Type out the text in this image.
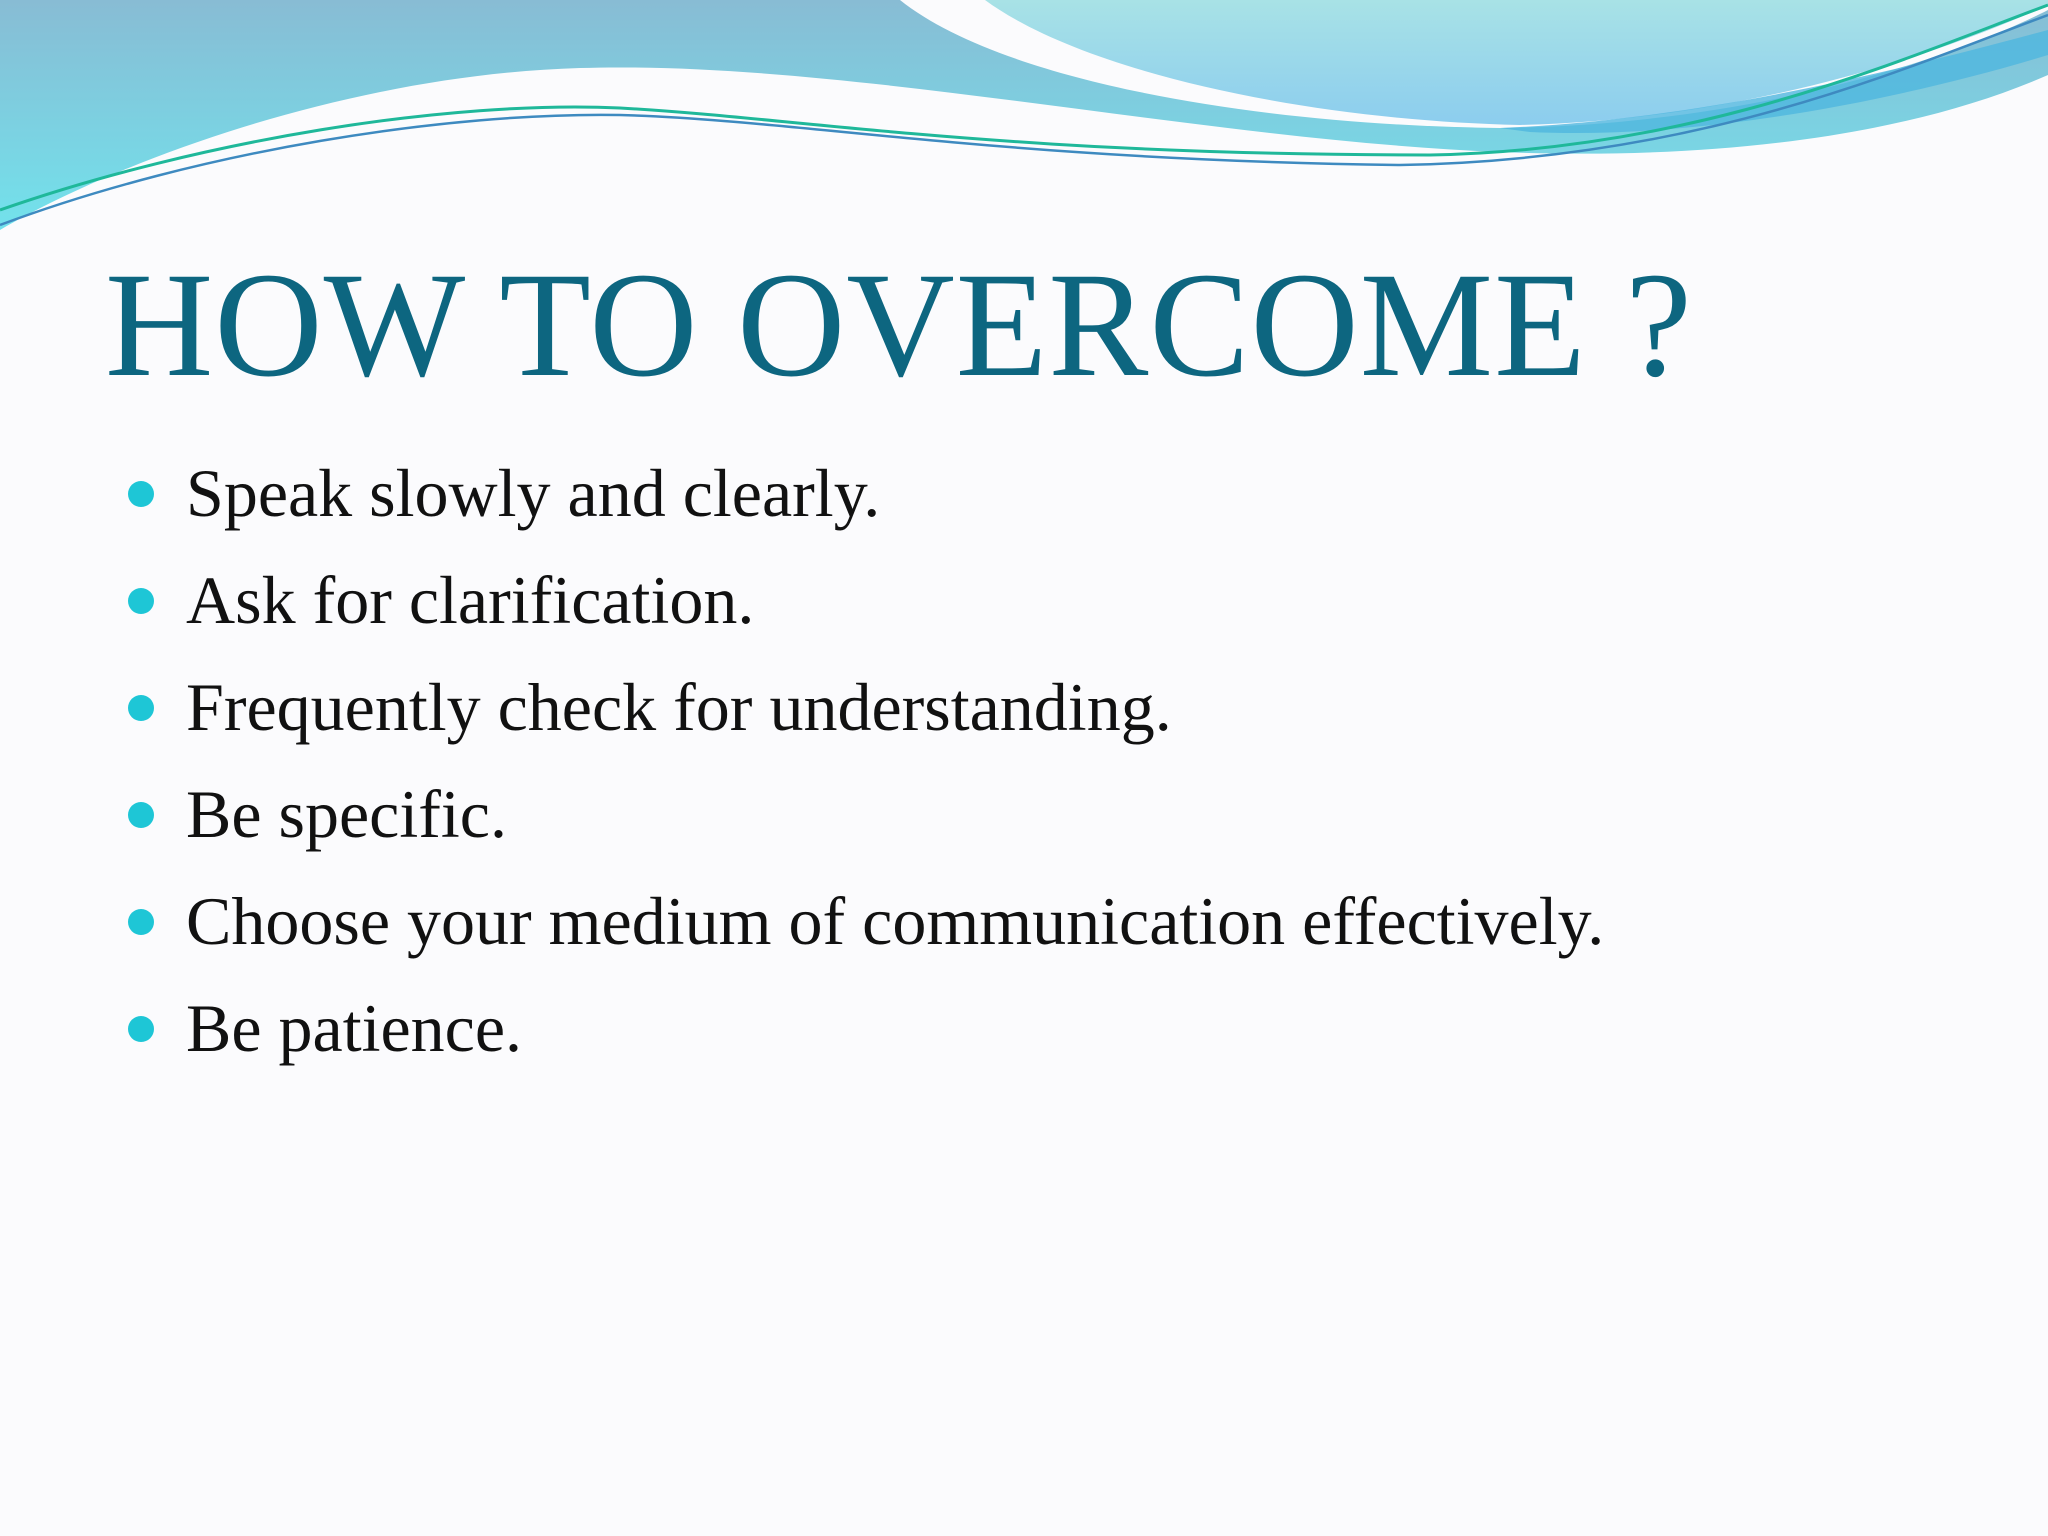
HOW TO OVERCOME ?
Speak slowly and clearly.
Ask for clarification.
Frequently check for understanding.
Be specific.
Choose your medium of communication effectively.
Be patience.
